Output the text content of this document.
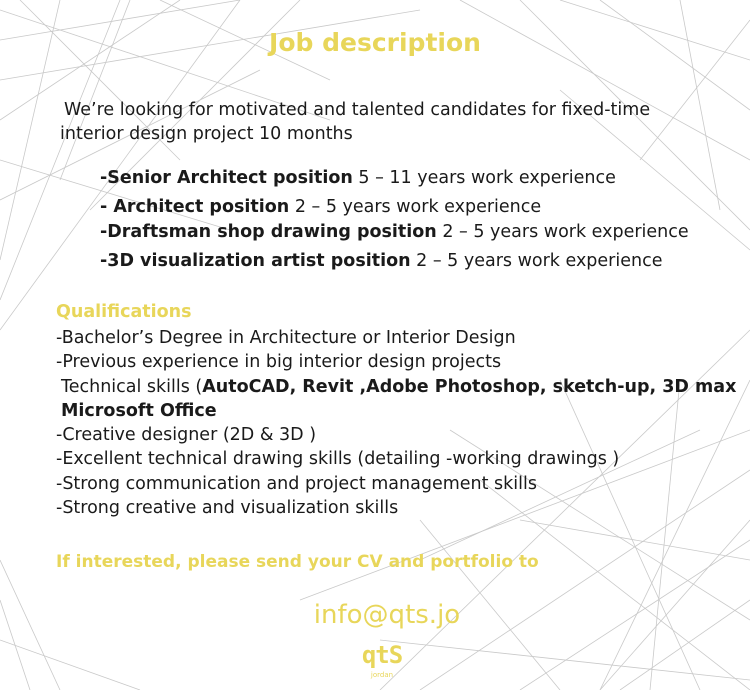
Job description
We’re looking for motivated and talented candidates for fixed-time
interior design project 10 months
-Senior Architect position 5 – 11 years work experience
- Architect position 2 – 5 years work experience
-Draftsman shop drawing position 2 – 5 years work experience
-3D visualization artist position 2 – 5 years work experience
Qualifications
-Bachelor’s Degree in Architecture or Interior Design
-Previous experience in big interior design projects
Technical skills (AutoCAD, Revit ,Adobe Photoshop, sketch-up, 3D max
Microsoft Office
-Creative designer (2D & 3D )
-Excellent technical drawing skills (detailing -working drawings )
-Strong communication and project management skills
-Strong creative and visualization skills
If interested, please send your CV and portfolio to
info@qts.jo
qtS
jordan
